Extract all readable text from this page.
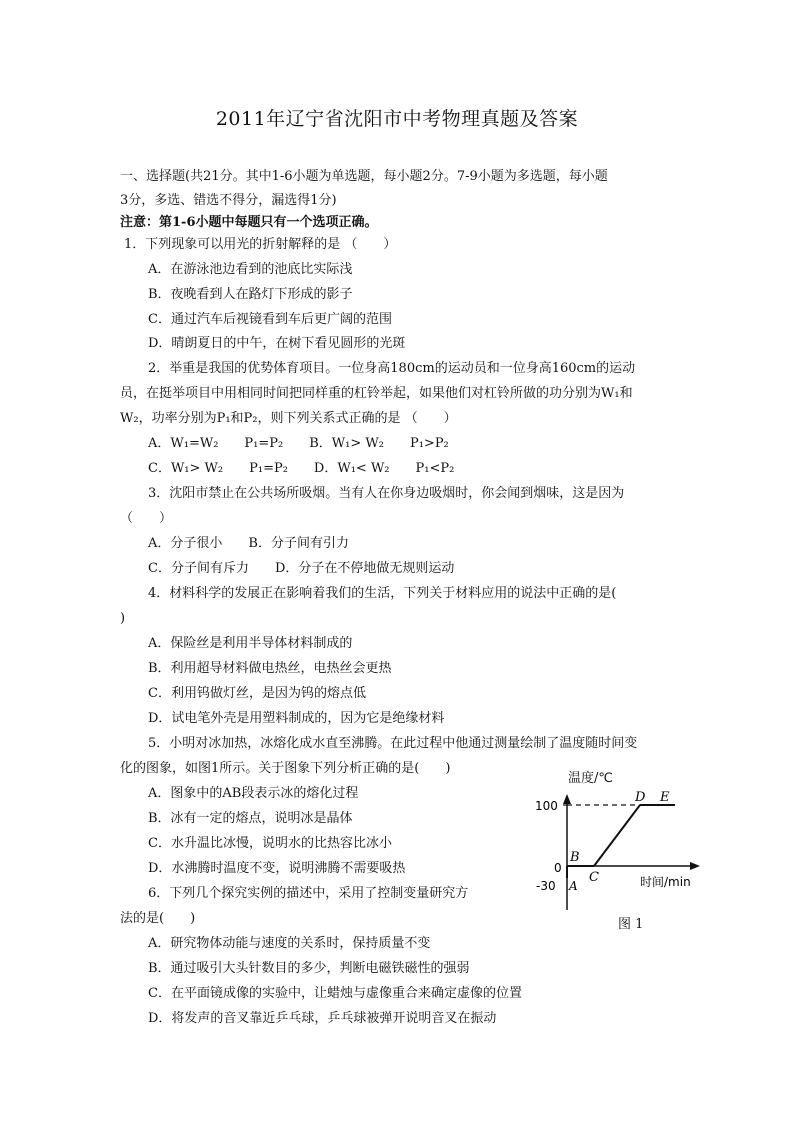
2011年辽宁省沈阳市中考物理真题及答案
一、选择题(共21分。其中1-6小题为单选题，每小题2分。7-9小题为多选题，每小题
3分，多选、错选不得分，漏选得1分)
注意：第1-6小题中每题只有一个选项正确。
1．下列现象可以用光的折射解释的是 （　　）
A．在游泳池边看到的池底比实际浅
B．夜晚看到人在路灯下形成的影子
C．通过汽车后视镜看到车后更广阔的范围
D．晴朗夏日的中午，在树下看见圆形的光斑
2．举重是我国的优势体育项目。一位身高180cm的运动员和一位身高160cm的运动
员，在挺举项目中用相同时间把同样重的杠铃举起，如果他们对杠铃所做的功分别为W₁和
W₂，功率分别为P₁和P₂，则下列关系式正确的是 （　　）
A．W₁=W₂　　P₁=P₂　　B．W₁> W₂　　P₁>P₂
C．W₁> W₂　　P₁=P₂　　D．W₁< W₂　　P₁<P₂
3．沈阳市禁止在公共场所吸烟。当有人在你身边吸烟时，你会闻到烟味，这是因为
（　　）
A．分子很小　　B．分子间有引力
C．分子间有斥力　　D．分子在不停地做无规则运动
4．材料科学的发展正在影响着我们的生活，下列关于材料应用的说法中正确的是(
)
A．保险丝是利用半导体材料制成的
B．利用超导材料做电热丝，电热丝会更热
C．利用钨做灯丝，是因为钨的熔点低
D．试电笔外壳是用塑料制成的，因为它是绝缘材料
5．小明对冰加热，冰熔化成水直至沸腾。在此过程中他通过测量绘制了温度随时间变
化的图象，如图1所示。关于图象下列分析正确的是(　　)
A．图象中的AB段表示冰的熔化过程
B．冰有一定的熔点，说明冰是晶体
C．水升温比冰慢，说明水的比热容比冰小
D．水沸腾时温度不变，说明沸腾不需要吸热
6．下列几个探究实例的描述中，采用了控制变量研究方
法的是(　　)
A．研究物体动能与速度的关系时，保持质量不变
B．通过吸引大头针数目的多少，判断电磁铁磁性的强弱
C．在平面镜成像的实验中，让蜡烛与虚像重合来确定虚像的位置
D．将发声的音叉靠近乒乓球，乒乓球被弹开说明音叉在振动
100
0
-30 A
B
C
D E
时间/min
温度/℃
图 1
